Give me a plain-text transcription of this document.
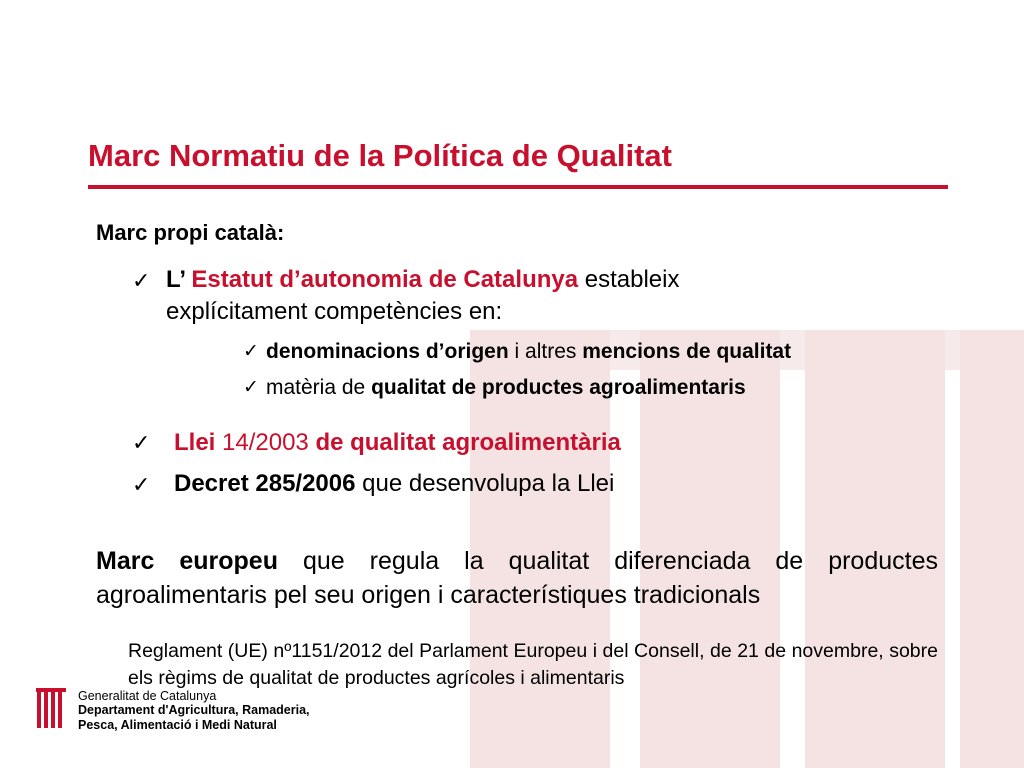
Marc Normatiu de la Política de Qualitat
Marc propi català:
✓ L’ Estatut d’autonomia de Catalunya estableix
explícitament competències en:
✓ denominacions d’origen i altres mencions de qualitat
✓ matèria de qualitat de productes agroalimentaris
✓ Llei 14/2003 de qualitat agroalimentària
✓ Decret 285/2006 que desenvolupa la Llei
Marc europeu que regula la qualitat diferenciada de productes agroalimentaris pel seu origen i característiques tradicionals
Reglament (UE) nº1151/2012 del Parlament Europeu i del Consell, de 21 de novembre, sobre els règims de qualitat de productes agrícoles i alimentaris
Generalitat de Catalunya
Departament d'Agricultura, Ramaderia,
Pesca, Alimentació i Medi Natural
